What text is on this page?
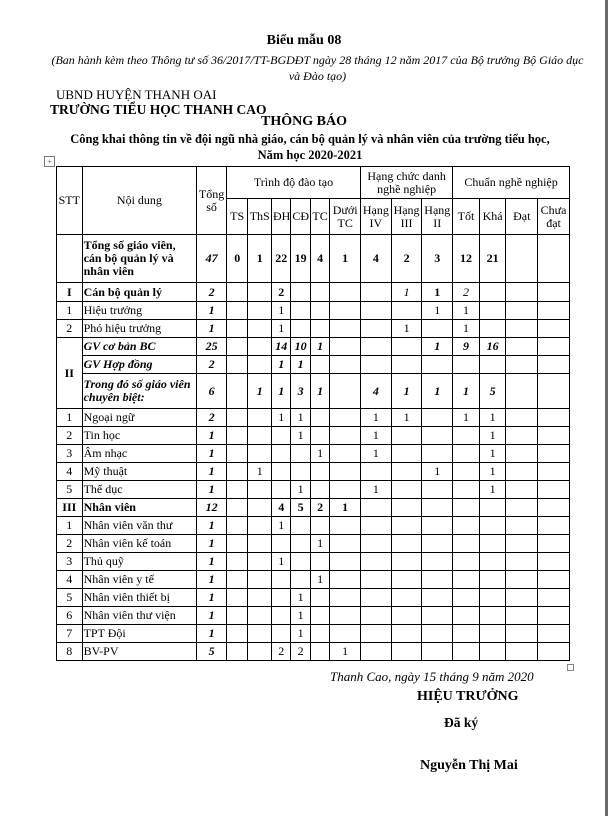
Biểu mẫu 08
(Ban hành kèm theo Thông tư số 36/2017/TT-BGDĐT ngày 28 tháng 12 năm 2017 của Bộ trưởng Bộ Giáo dục và Đào tạo)
UBND HUYỆN THANH OAI
TRƯỜNG TIỂU HỌC THANH CAO
THÔNG BÁO
Công khai thông tin về đội ngũ nhà giáo, cán bộ quản lý và nhân viên của trường tiểu học,
Năm học 2020-2021
+
STT	Nội dung	Tổng số	Trình độ đào tạo						Hạng chức danh nghề nghiệp			Chuẩn nghề nghiệp			
			TS	ThS	ĐH	CĐ	TC	Dưới TC	Hạng IV	Hạng III	Hạng II	Tốt	Khá	Đạt	Chưa đạt
	Tổng số giáo viên, cán bộ quản lý và nhân viên	47	0	1	22	19	4	1	4	2	3	12	21		
I	Cán bộ quản lý	2			2					1	1	2			
1	Hiệu trưởng	1			1						1	1			
2	Phó hiệu trưởng	1			1					1		1			
II	GV cơ bản BC	25			14	10	1				1	9	16		
	GV Hợp đồng	2			1	1									
	Trong đó số giáo viên chuyên biệt:	6		1	1	3	1		4	1	1	1	5		
1	Ngoại ngữ	2			1	1			1	1		1	1		
2	Tin học	1				1			1				1		
3	Âm nhạc	1					1		1				1		
4	Mỹ thuật	1		1							1		1		
5	Thể dục	1				1			1				1		
III	Nhân viên	12			4	5	2	1							
1	Nhân viên văn thư	1			1										
2	Nhân viên kế toán	1					1								
3	Thủ quỹ	1			1										
4	Nhân viên y tế	1					1								
5	Nhân viên thiết bị	1				1									
6	Nhân viên thư viện	1				1									
7	TPT Đội	1				1									
8	BV-PV	5			2	2		1							
Thanh Cao, ngày 15 tháng 9 năm 2020
HIỆU TRƯỞNG
Đã ký
Nguyễn Thị Mai
